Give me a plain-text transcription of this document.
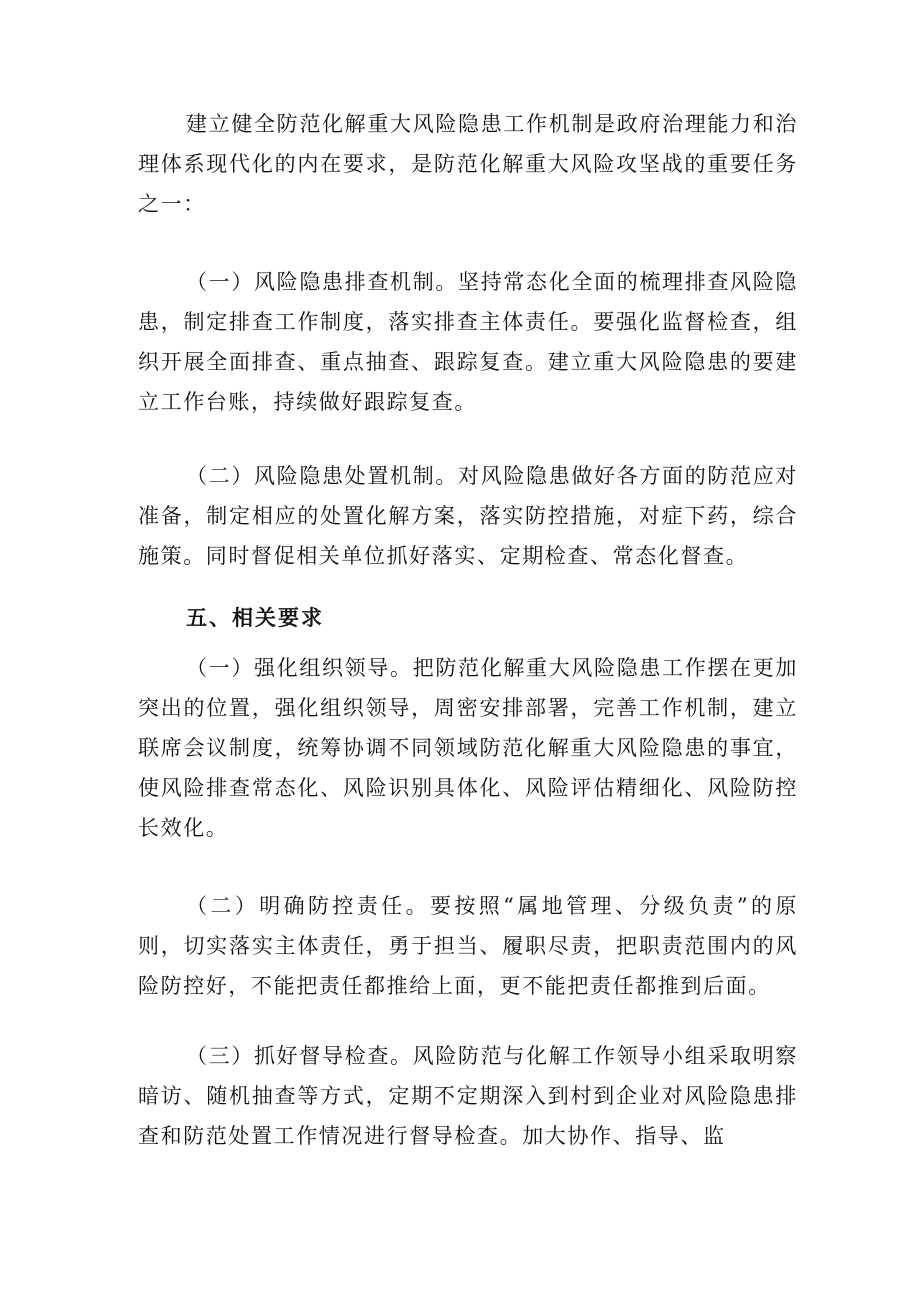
建立健全防范化解重大风险隐患工作机制是政府治理能力和治理体系现代化的内在要求，是防范化解重大风险攻坚战的重要任务之一：

（一）风险隐患排查机制。坚持常态化全面的梳理排查风险隐患，制定排查工作制度，落实排查主体责任。要强化监督检查，组织开展全面排查、重点抽查、跟踪复查。建立重大风险隐患的要建立工作台账，持续做好跟踪复查。

（二）风险隐患处置机制。对风险隐患做好各方面的防范应对准备，制定相应的处置化解方案，落实防控措施，对症下药，综合施策。同时督促相关单位抓好落实、定期检查、常态化督查。

五、相关要求

（一）强化组织领导。把防范化解重大风险隐患工作摆在更加突出的位置，强化组织领导，周密安排部署，完善工作机制，建立联席会议制度，统筹协调不同领域防范化解重大风险隐患的事宜，使风险排查常态化、风险识别具体化、风险评估精细化、风险防控长效化。

（二）明确防控责任。要按照“属地管理、分级负责”的原则，切实落实主体责任，勇于担当、履职尽责，把职责范围内的风险防控好，不能把责任都推给上面，更不能把责任都推到后面。

（三）抓好督导检查。风险防范与化解工作领导小组采取明察暗访、随机抽查等方式，定期不定期深入到村到企业对风险隐患排查和防范处置工作情况进行督导检查。加大协作、指导、监
